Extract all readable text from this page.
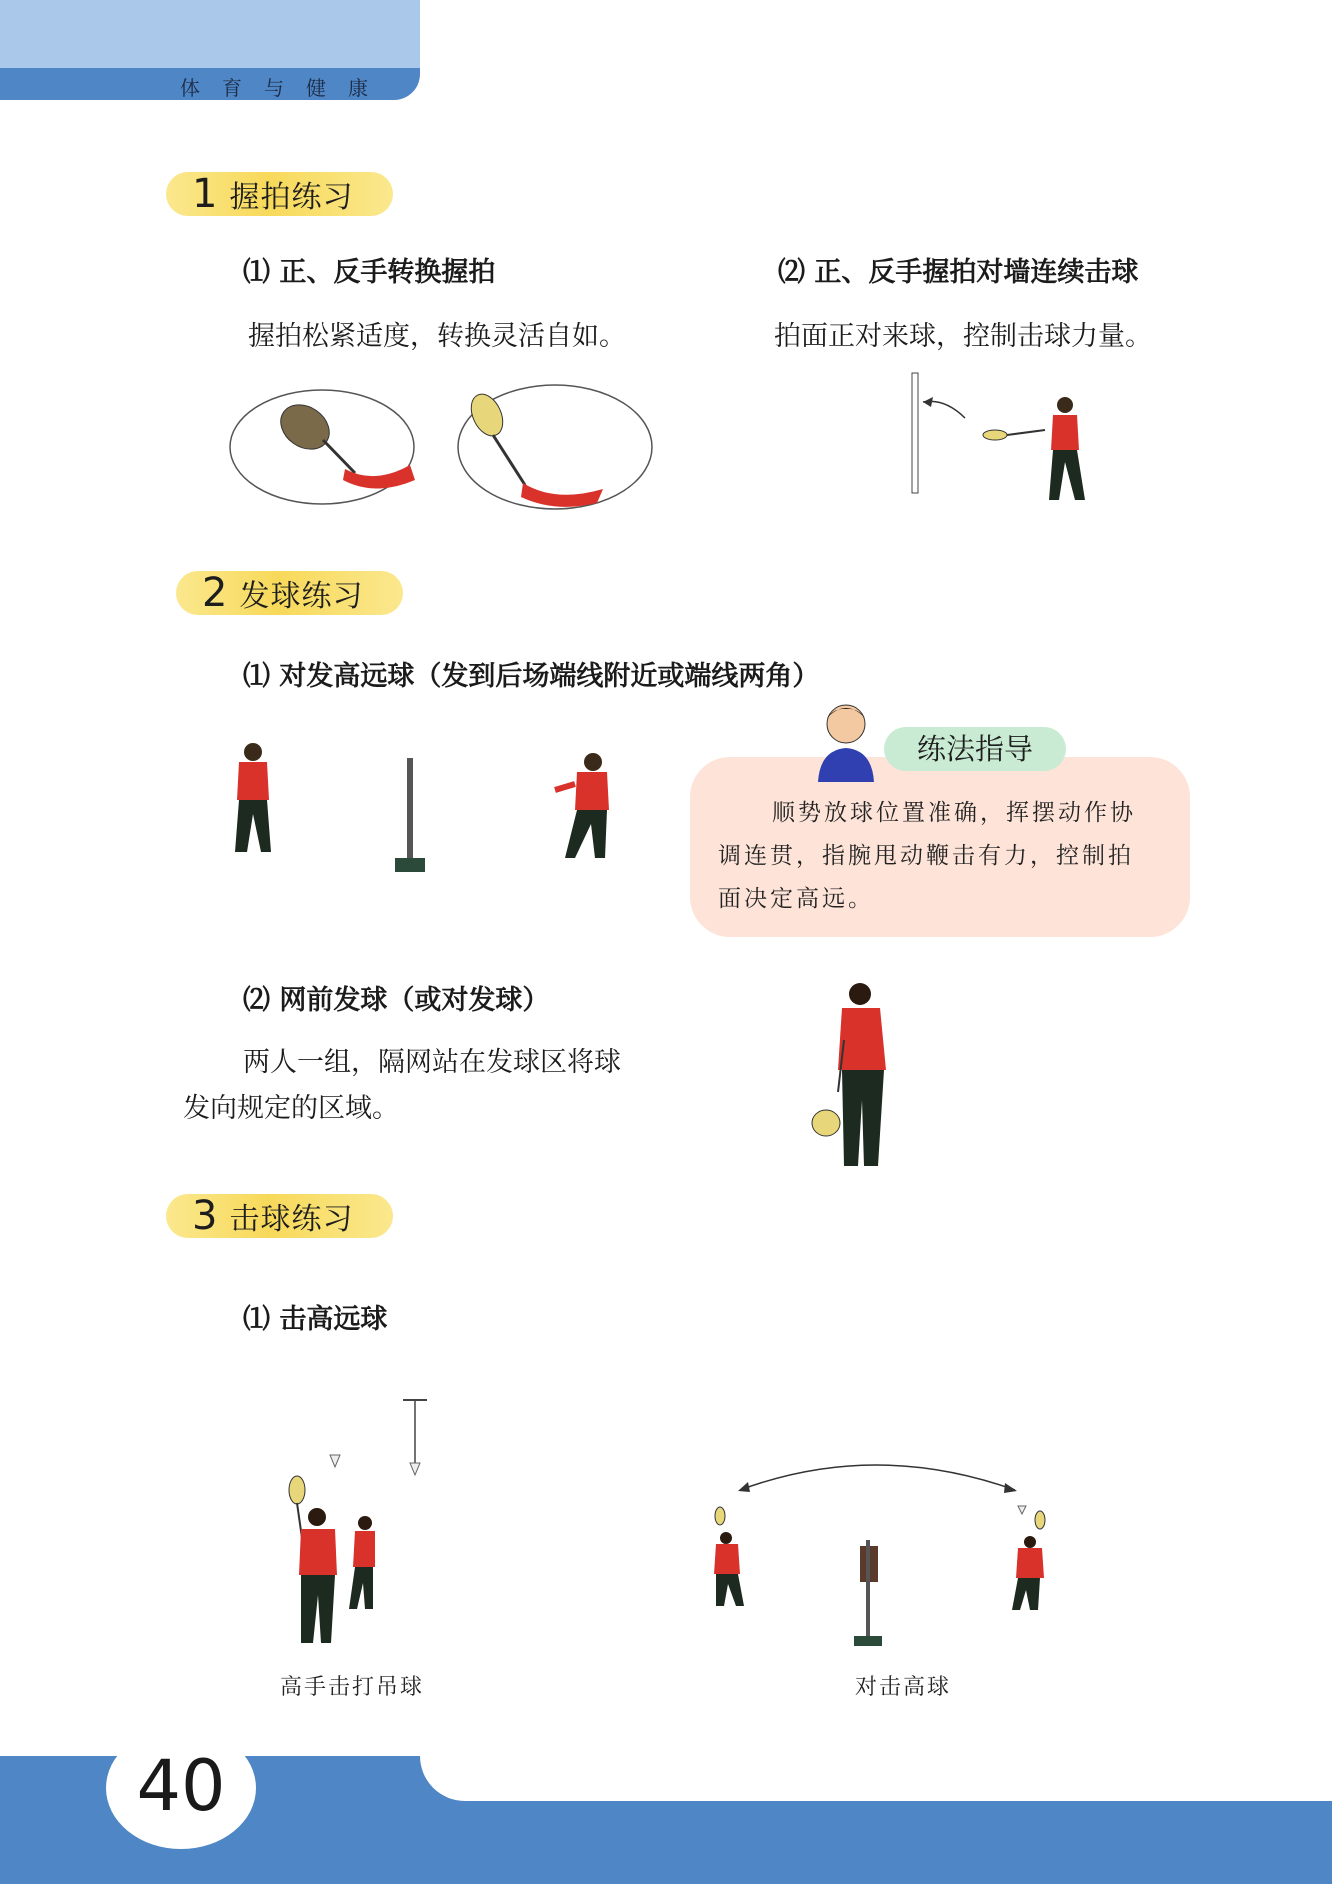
体育与健康
1 握拍练习
⑴ 正、反手转换握拍
握拍松紧适度，转换灵活自如。
⑵ 正、反手握拍对墙连续击球
拍面正对来球，控制击球力量。
2 发球练习
⑴ 对发高远球（发到后场端线附近或端线两角）
练法指导
顺势放球位置准确，挥摆动作协
调连贯，指腕甩动鞭击有力，控制拍
面决定高远。
⑵ 网前发球（或对发球）
两人一组，隔网站在发球区将球
发向规定的区域。
3 击球练习
⑴ 击高远球
高手击打吊球	对击高球
40
